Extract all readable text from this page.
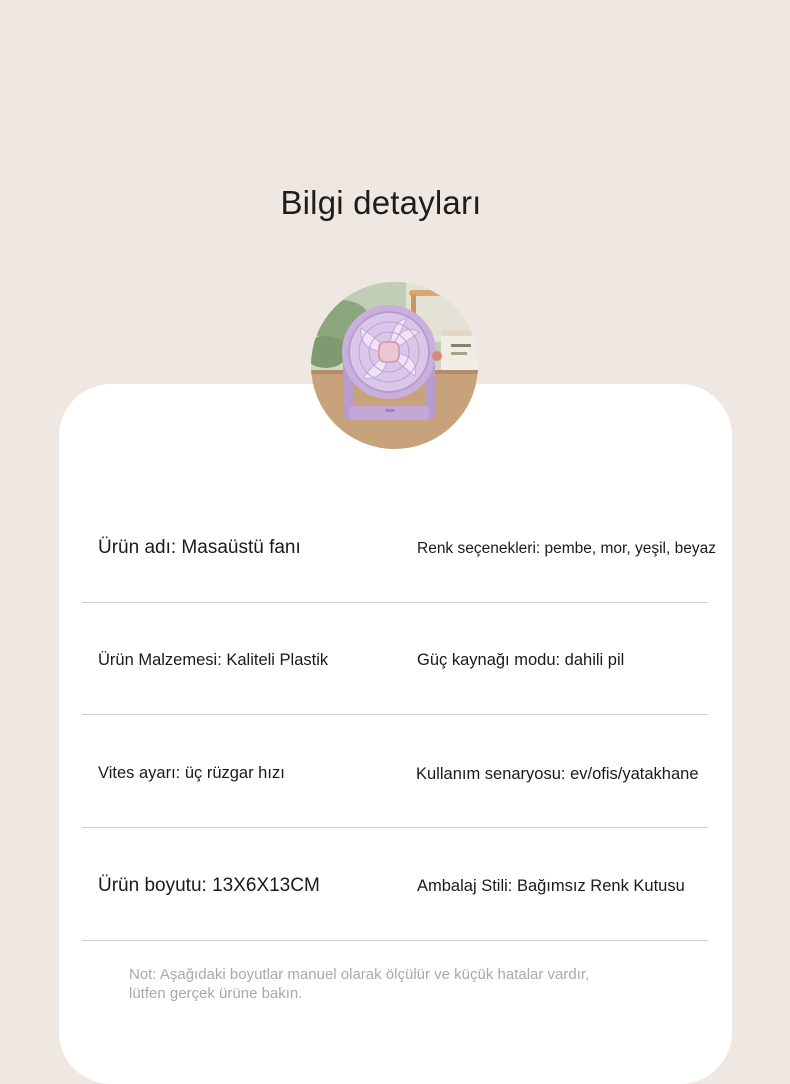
Bilgi detayları
Ürün adı: Masaüstü fanı	Renk seçenekleri: pembe, mor, yeşil, beyaz
Ürün Malzemesi: Kaliteli Plastik	Güç kaynağı modu: dahili pil
Vites ayarı: üç rüzgar hızı	Kullanım senaryosu: ev/ofis/yatakhane
Ürün boyutu: 13X6X13CM	Ambalaj Stili: Bağımsız Renk Kutusu
Not: Aşağıdaki boyutlar manuel olarak ölçülür ve küçük hatalar vardır,
lütfen gerçek ürüne bakın.
